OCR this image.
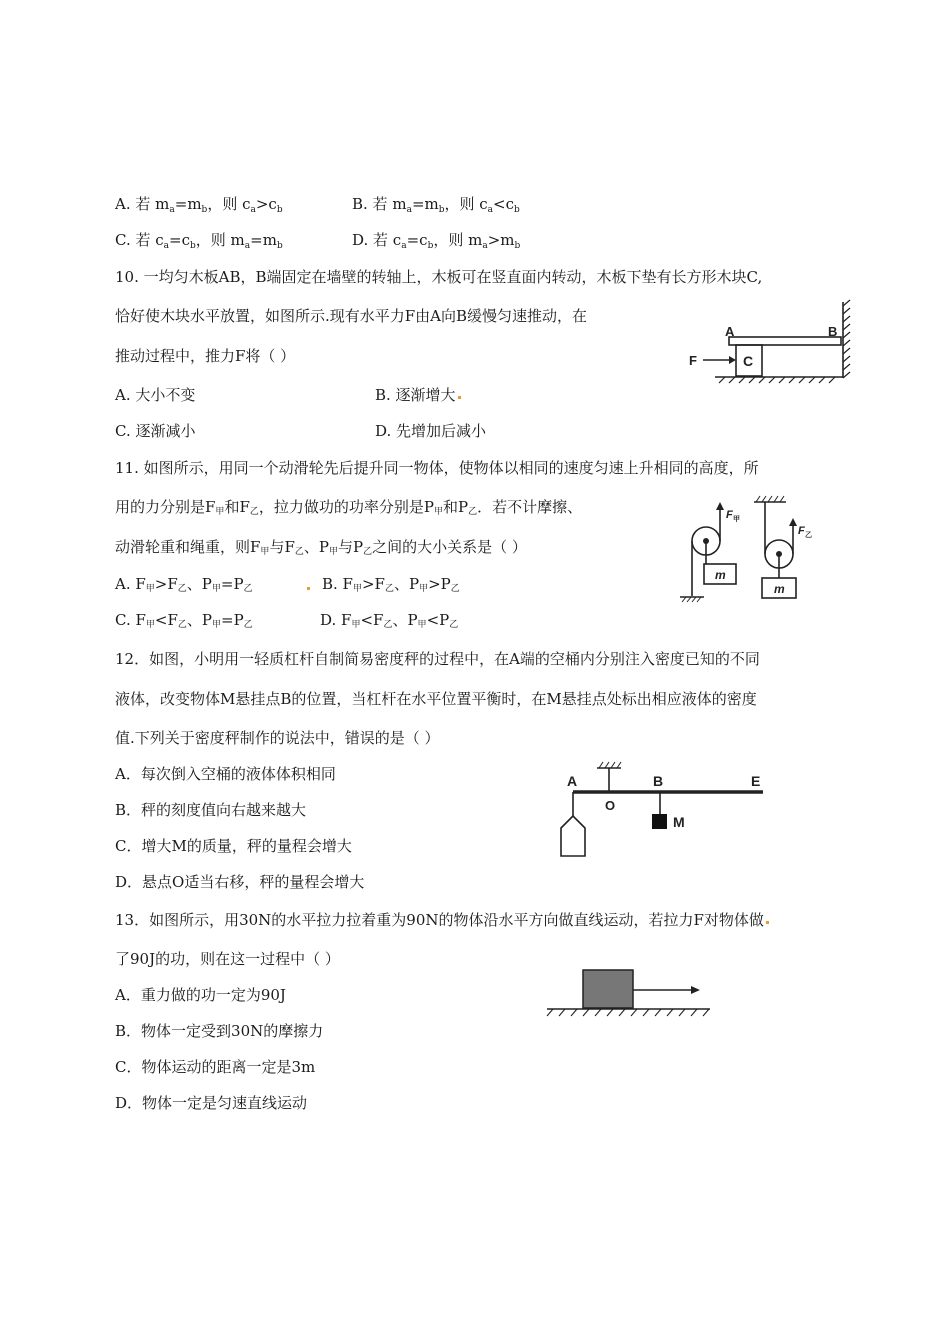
A. 若 $m_a=m_b$，则 $c_a>c_b$	B. 若 $m_a=m_b$，则 $c_a<c_b$
C. 若 $c_a=c_b$，则 $m_a=m_b$	D. 若 $c_a=c_b$，则 $m_a>m_b$
10. 一均匀木板AB，B端固定在墙壁的转轴上，木板可在竖直面内转动，木板下垫有长方形木块C,
恰好使木块水平放置，如图所示.现有水平力F由A向B缓慢匀速推动，在
推动过程中，推力F将（ ）
A. 大小不变	B. 逐渐增大
C. 逐渐减小	D. 先增加后减小
A	B
C
F
11. 如图所示，用同一个动滑轮先后提升同一物体，使物体以相同的速度匀速上升相同的高度，所
用的力分别是F甲和F乙，拉力做功的功率分别是P甲和P乙．若不计摩擦、
动滑轮重和绳重，则F甲与F乙、P甲与P乙之间的大小关系是（ ）
A. F甲>F乙、P甲=P乙	B. F甲>F乙、P甲>P乙
C. F甲<F乙、P甲=P乙	D. F甲<F乙、P甲<P乙
m
F 甲
m
F 乙
12．如图，小明用一轻质杠杆自制简易密度秤的过程中，在A端的空桶内分别注入密度已知的不同
液体，改变物体M悬挂点B的位置，当杠杆在水平位置平衡时，在M悬挂点处标出相应液体的密度
值.下列关于密度秤制作的说法中，错误的是（ ）
A．每次倒入空桶的液体体积相同
B．秤的刻度值向右越来越大
C．增大M的质量，秤的量程会增大
D．悬点O适当右移，秤的量程会增大
A
O
B	E
M
13．如图所示，用30N的水平拉力拉着重为90N的物体沿水平方向做直线运动，若拉力F对物体做
了90J的功，则在这一过程中（ ）
A．重力做的功一定为90J
B．物体一定受到30N的摩擦力
C．物体运动的距离一定是3m
D．物体一定是匀速直线运动
